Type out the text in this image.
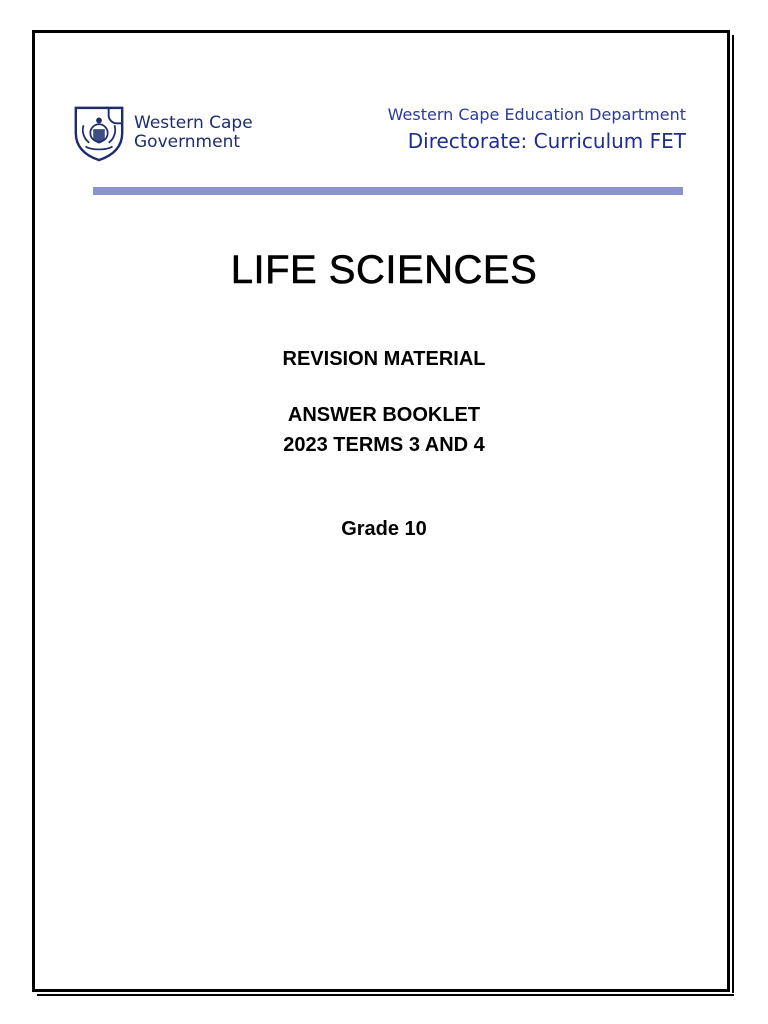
Western Cape
Government
Western Cape Education Department
Directorate: Curriculum FET
LIFE SCIENCES
REVISION MATERIAL
ANSWER BOOKLET
2023 TERMS 3 AND 4
Grade 10
